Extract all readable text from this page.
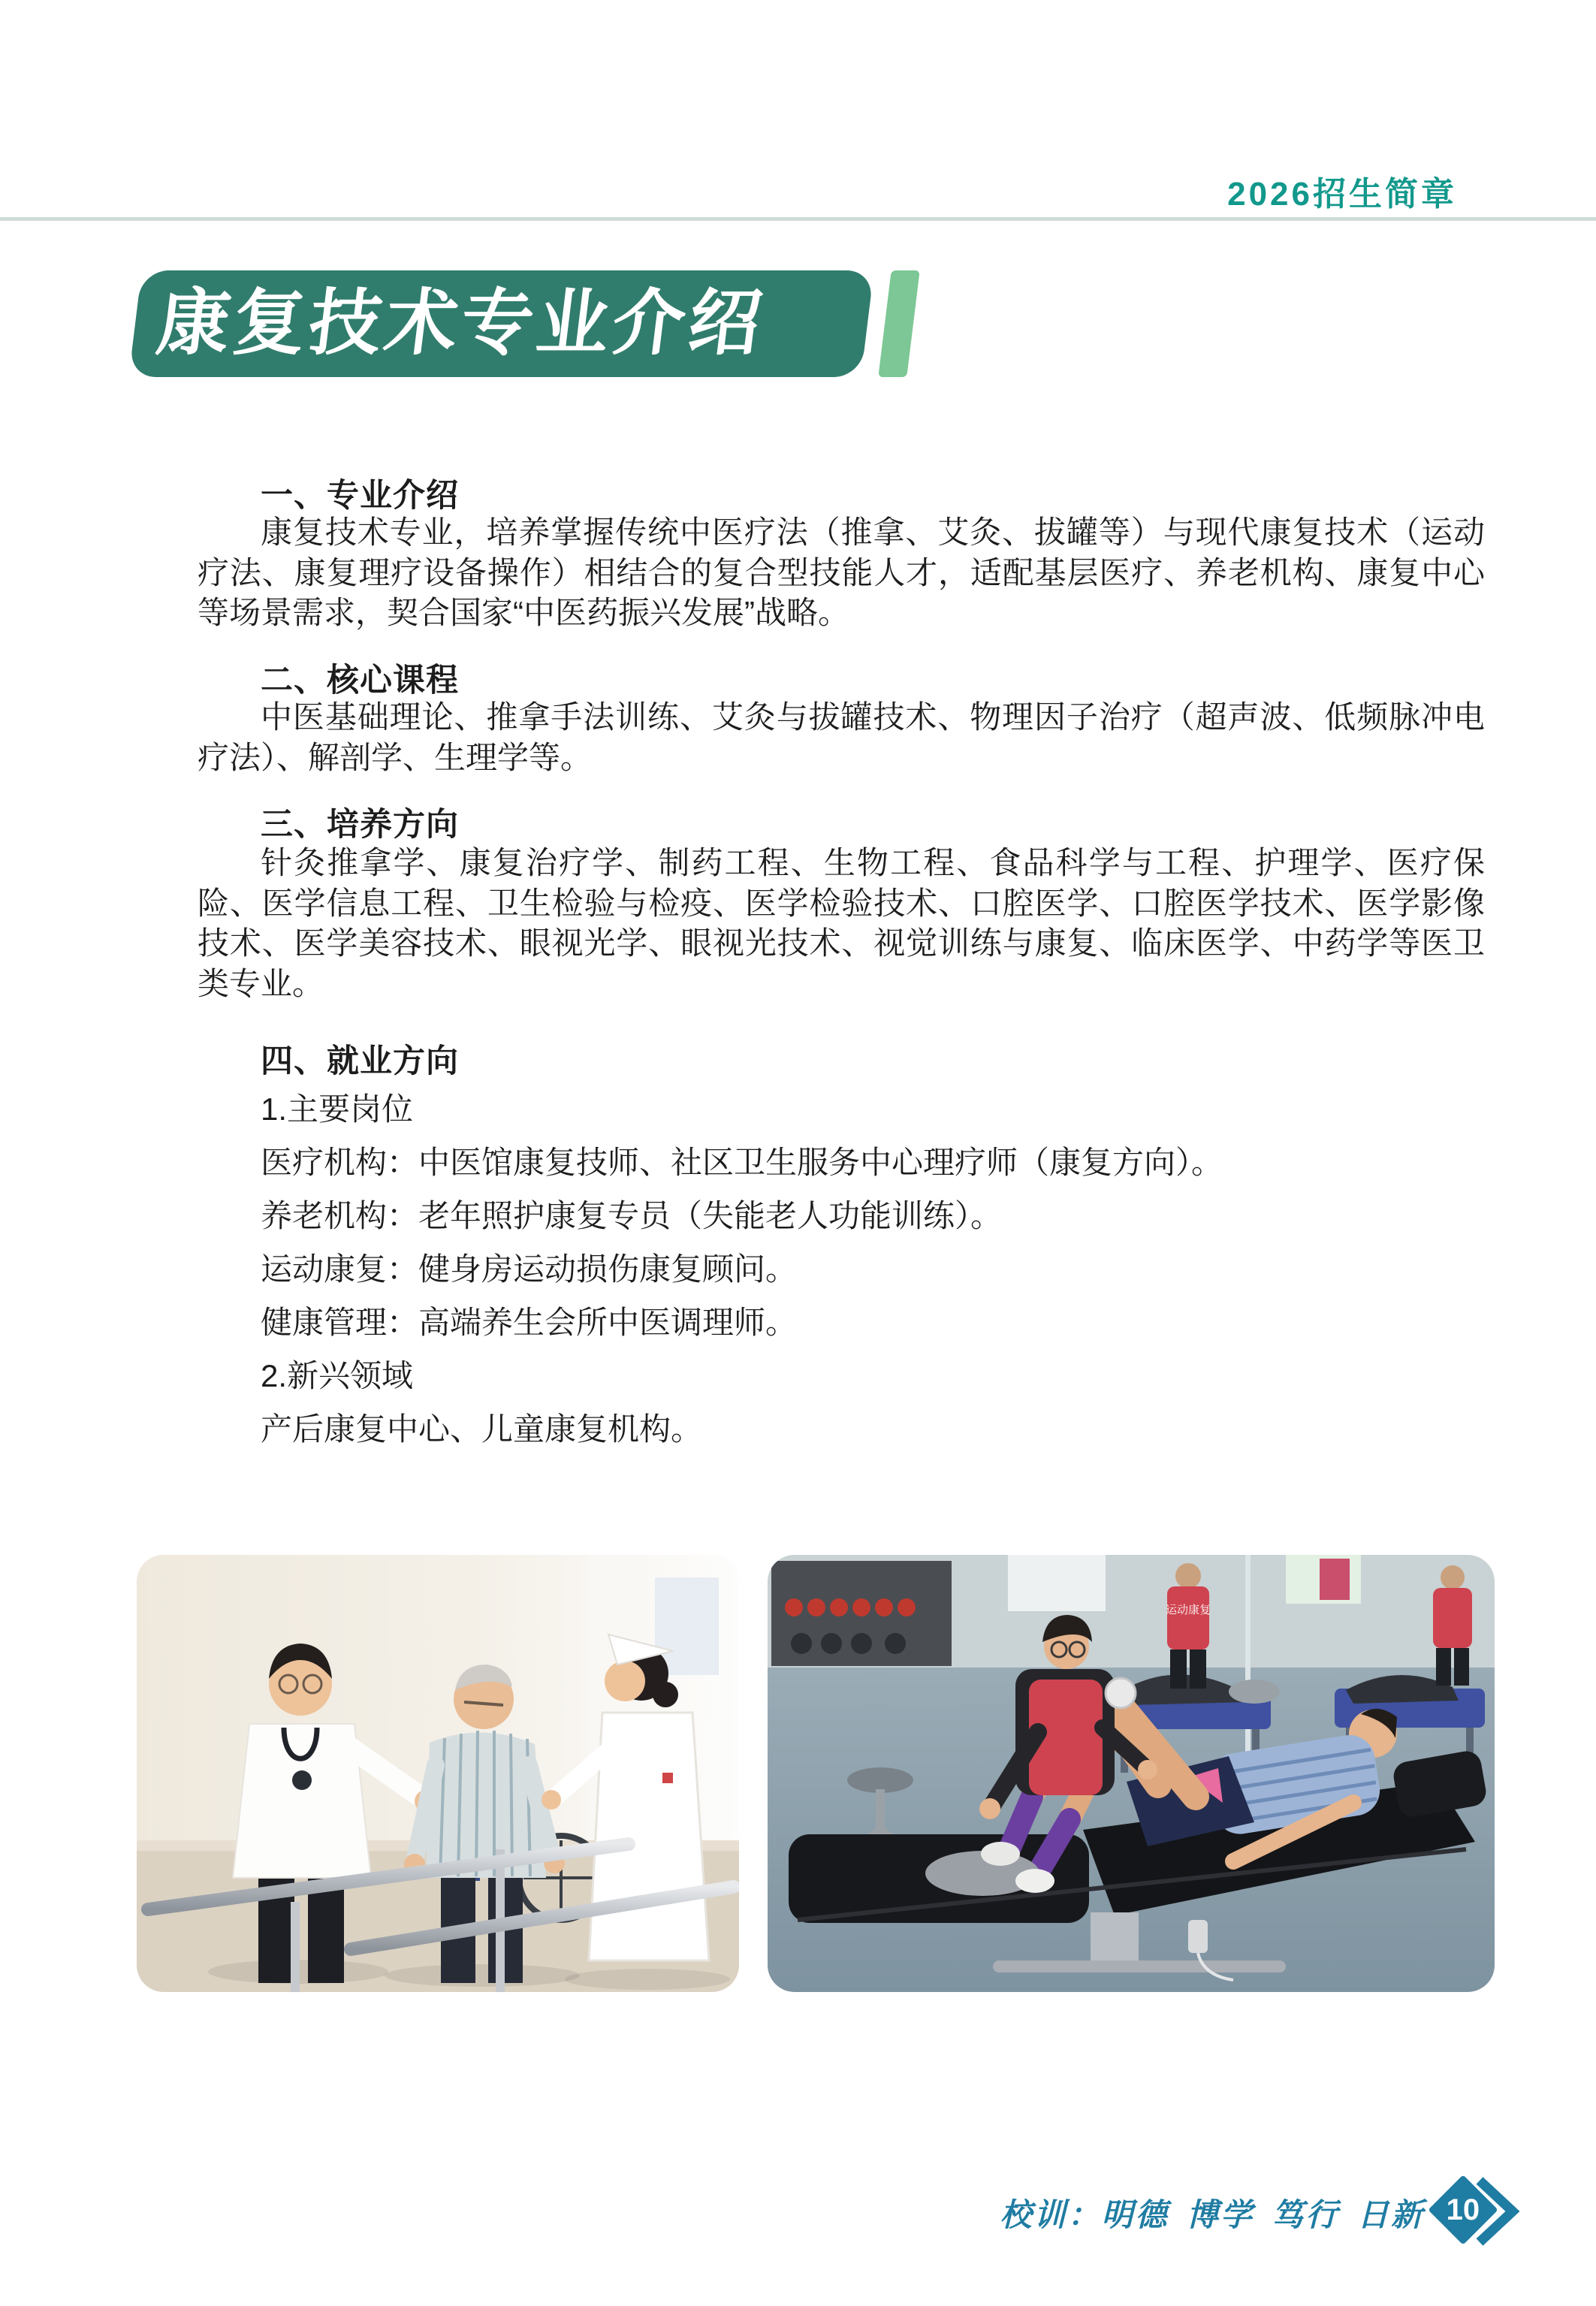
2026招生简章
康复技术专业介绍
一、专业介绍

康复技术专业，培养掌握传统中医疗法（推拿、艾灸、拔罐等）与现代康复技术（运动疗法、康复理疗设备操作）相结合的复合型技能人才，适配基层医疗、养老机构、康复中心等场景需求，契合国家“中医药振兴发展”战略。

二、核心课程

中医基础理论、推拿手法训练、艾灸与拔罐技术、物理因子治疗（超声波、低频脉冲电疗法）、解剖学、生理学等。

三、培养方向

针灸推拿学、康复治疗学、制药工程、生物工程、食品科学与工程、护理学、医疗保险、医学信息工程、卫生检验与检疫、医学检验技术、口腔医学、口腔医学技术、医学影像技术、医学美容技术、眼视光学、眼视光技术、视觉训练与康复、临床医学、中药学等医卫类专业。

四、就业方向

1.主要岗位

医疗机构：中医馆康复技师、社区卫生服务中心理疗师（康复方向）。

养老机构：老年照护康复专员（失能老人功能训练）。

运动康复：健身房运动损伤康复顾问。

健康管理：高端养生会所中医调理师。

2.新兴领域

产后康复中心、儿童康复机构。

运动康复
校训：明德 博学 笃行 日新 10
